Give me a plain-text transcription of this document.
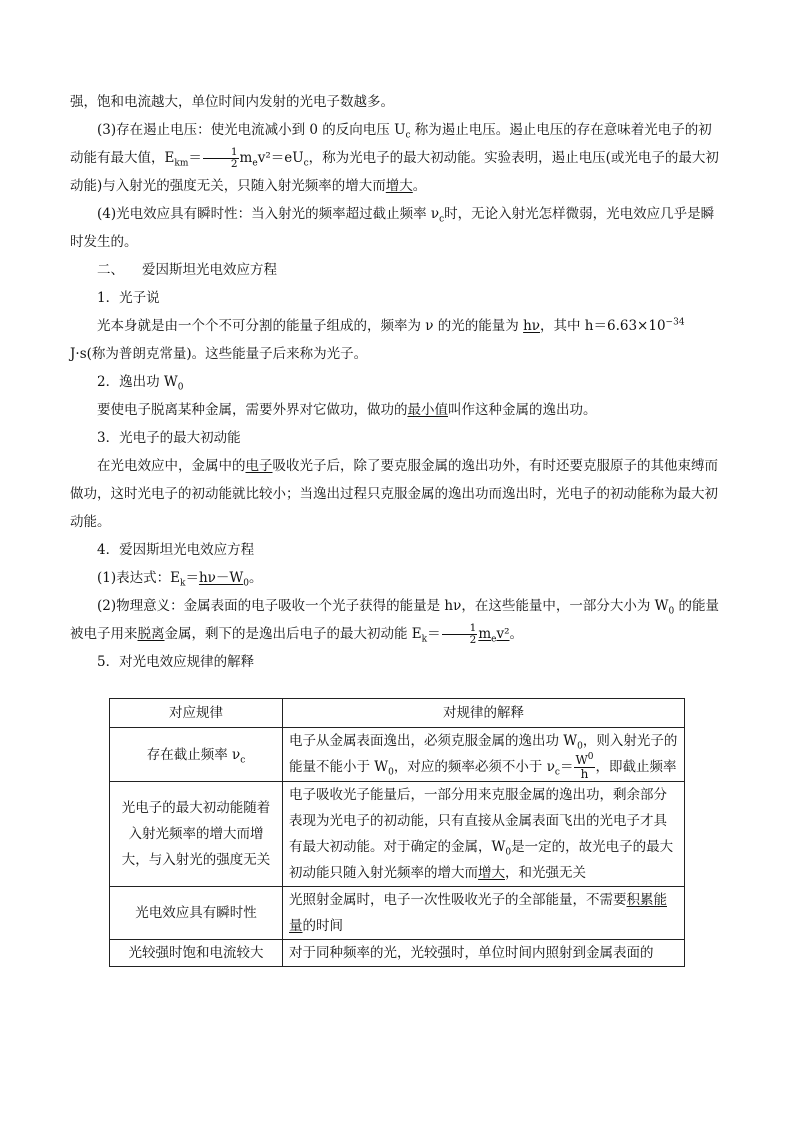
强，饱和电流越大，单位时间内发射的光电子数越多。

(3)存在遏止电压：使光电流减小到 0 的反向电压 $U_c$ 称为遏止电压。遏止电压的存在意味着光电子的初动能有最大值，$E_{km}= \frac{1}{2} m_ev^2=eU_c$，称为光电子的最大初动能。实验表明，遏止电压(或光电子的最大初动能)与入射光的强度无关，只随入射光频率的增大而增大。

(4)光电效应具有瞬时性：当入射光的频率超过截止频率 $\nu_c$时，无论入射光怎样微弱，光电效应几乎是瞬时发生的。

二、 爱因斯坦光电效应方程

1．光子说

光本身就是由一个个不可分割的能量子组成的，频率为 ν 的光的能量为 hν，其中 $h=6.63\times 10^{-34}$ J·s(称为普朗克常量)。这些能量子后来称为光子。

2．逸出功 $W_0$

要使电子脱离某种金属，需要外界对它做功，做功的最小值叫作这种金属的逸出功。

3．光电子的最大初动能

在光电效应中，金属中的电子吸收光子后，除了要克服金属的逸出功外，有时还要克服原子的其他束缚而做功，这时光电子的初动能就比较小；当逸出过程只克服金属的逸出功而逸出时，光电子的初动能称为最大初动能。

4．爱因斯坦光电效应方程

(1)表达式：$E_k=h\nu-W_0$。

(2)物理意义：金属表面的电子吸收一个光子获得的能量是 hν，在这些能量中，一部分大小为 $W_0$ 的能量被电子用来脱离金属，剩下的是逸出后电子的最大初动能 $E_k= \frac{1}{2} m_ev^2$。

5．对光电效应规律的解释

对应规律	对规律的解释
存在截止频率 $\nu_c$	电子从金属表面逸出，必须克服金属的逸出功 $W_0$，则入射光子的能量不能小于 $W_0$，对应的频率必须不小于 $\nu_c= \frac{W^0}{h}$ ，即截止频率
光电子的最大初动能随着入射光频率的增大而增大，与入射光的强度无关	电子吸收光子能量后，一部分用来克服金属的逸出功，剩余部分表现为光电子的初动能，只有直接从金属表面飞出的光电子才具有最大初动能。对于确定的金属，$W_0$是一定的，故光电子的最大初动能只随入射光频率的增大而增大，和光强无关
光电效应具有瞬时性	光照射金属时，电子一次性吸收光子的全部能量，不需要积累能量的时间
光较强时饱和电流较大	对于同种频率的光，光较强时，单位时间内照射到金属表面的
